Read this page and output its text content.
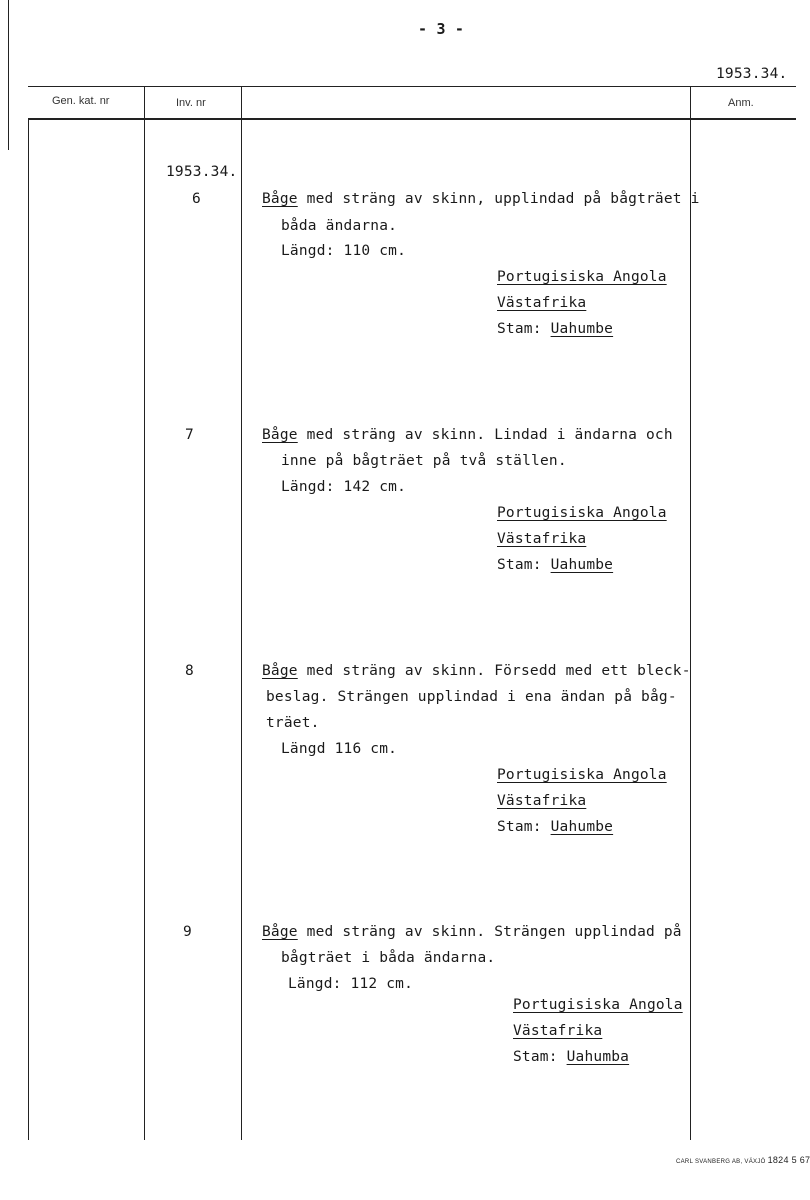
- 3 -
1953.34.
Gen. kat. nr	Inv. nr	Anm.
1953.34.
6	Båge med sträng av skinn, upplindad på bågträet i
båda ändarna.
Längd: 110 cm.
Portugisiska Angola
Västafrika
Stam: Uahumbe
7	Båge med sträng av skinn. Lindad i ändarna och
inne på bågträet på två ställen.
Längd: 142 cm.
Portugisiska Angola
Västafrika
Stam: Uahumbe
8	Båge med sträng av skinn. Försedd med ett bleck-
beslag. Strängen upplindad i ena ändan på båg-
träet.
Längd 116 cm.
Portugisiska Angola
Västafrika
Stam: Uahumbe
9	Båge med sträng av skinn. Strängen upplindad på
bågträet i båda ändarna.
Längd: 112 cm.
Portugisiska Angola
Västafrika
Stam: Uahumba
CARL SVANBERG AB, VÄXJÖ 1824 5 67
